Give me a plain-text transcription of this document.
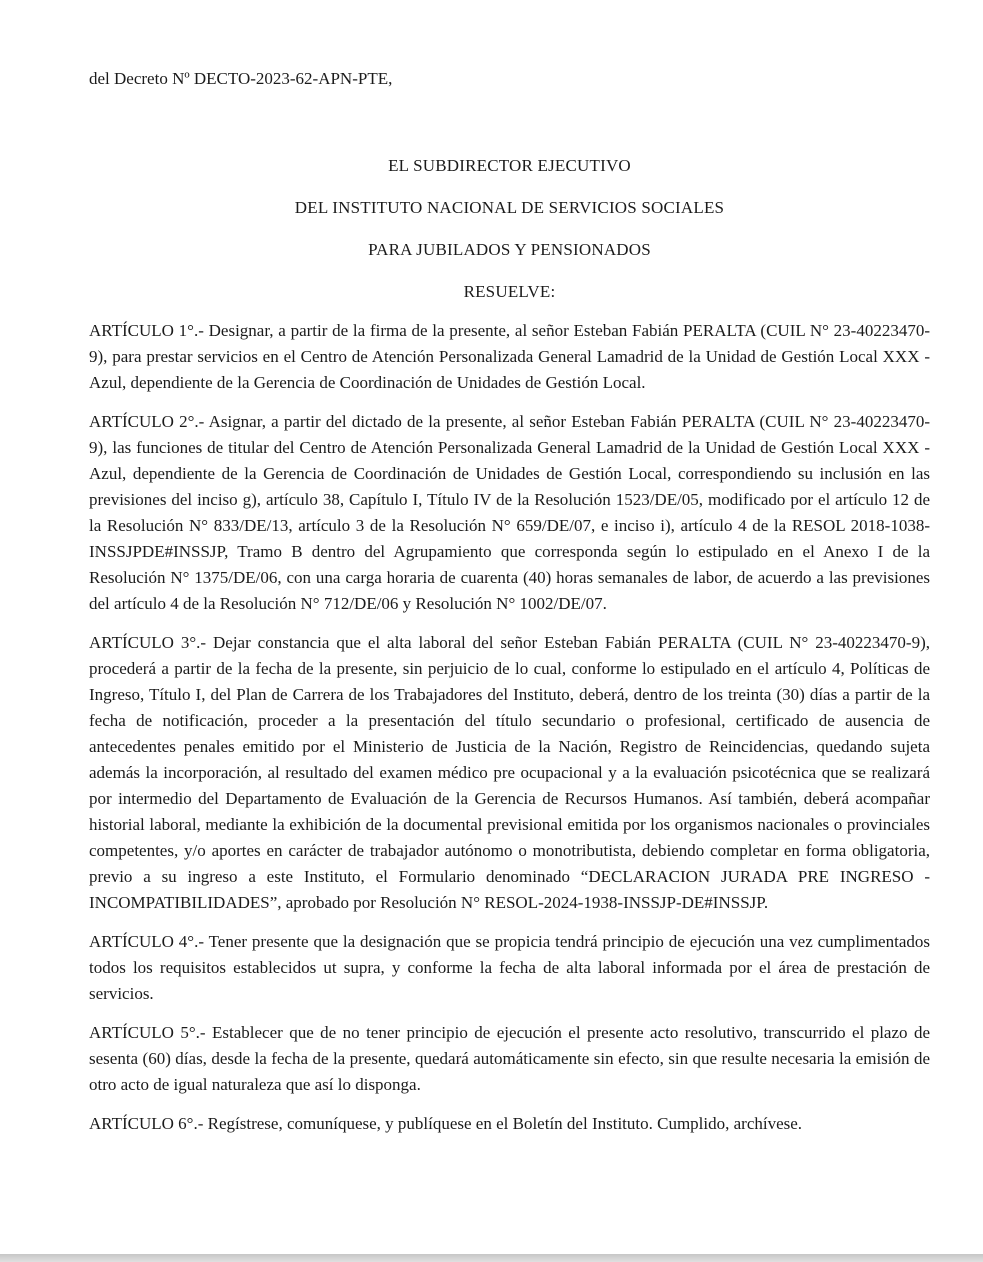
del Decreto Nº DECTO-2023-62-APN-PTE,

EL SUBDIRECTOR EJECUTIVO
DEL INSTITUTO NACIONAL DE SERVICIOS SOCIALES
PARA JUBILADOS Y PENSIONADOS
RESUELVE:

ARTÍCULO 1°.- Designar, a partir de la firma de la presente, al señor Esteban Fabián PERALTA (CUIL N° 23-40223470-9), para prestar servicios en el Centro de Atención Personalizada General Lamadrid de la Unidad de Gestión Local XXX - Azul, dependiente de la Gerencia de Coordinación de Unidades de Gestión Local.

ARTÍCULO 2°.- Asignar, a partir del dictado de la presente, al señor Esteban Fabián PERALTA (CUIL N° 23-40223470-9), las funciones de titular del Centro de Atención Personalizada General Lamadrid de la Unidad de Gestión Local XXX - Azul, dependiente de la Gerencia de Coordinación de Unidades de Gestión Local, correspondiendo su inclusión en las previsiones del inciso g), artículo 38, Capítulo I, Título IV de la Resolución 1523/DE/05, modificado por el artículo 12 de la Resolución N° 833/DE/13, artículo 3 de la Resolución N° 659/DE/07, e inciso i), artículo 4 de la RESOL 2018-1038-INSSJPDE#INSSJP, Tramo B dentro del Agrupamiento que corresponda según lo estipulado en el Anexo I de la Resolución N° 1375/DE/06, con una carga horaria de cuarenta (40) horas semanales de labor, de acuerdo a las previsiones del artículo 4 de la Resolución N° 712/DE/06 y Resolución N° 1002/DE/07.

ARTÍCULO 3°.- Dejar constancia que el alta laboral del señor Esteban Fabián PERALTA (CUIL N° 23-40223470-9), procederá a partir de la fecha de la presente, sin perjuicio de lo cual, conforme lo estipulado en el artículo 4, Políticas de Ingreso, Título I, del Plan de Carrera de los Trabajadores del Instituto, deberá, dentro de los treinta (30) días a partir de la fecha de notificación, proceder a la presentación del título secundario o profesional, certificado de ausencia de antecedentes penales emitido por el Ministerio de Justicia de la Nación, Registro de Reincidencias, quedando sujeta además la incorporación, al resultado del examen médico pre ocupacional y a la evaluación psicotécnica que se realizará por intermedio del Departamento de Evaluación de la Gerencia de Recursos Humanos. Así también, deberá acompañar historial laboral, mediante la exhibición de la documental previsional emitida por los organismos nacionales o provinciales competentes, y/o aportes en carácter de trabajador autónomo o monotributista, debiendo completar en forma obligatoria, previo a su ingreso a este Instituto, el Formulario denominado “DECLARACION JURADA PRE INGRESO - INCOMPATIBILIDADES”, aprobado por Resolución N° RESOL-2024-1938-INSSJP-DE#INSSJP.

ARTÍCULO 4°.- Tener presente que la designación que se propicia tendrá principio de ejecución una vez cumplimentados todos los requisitos establecidos ut supra, y conforme la fecha de alta laboral informada por el área de prestación de servicios.

ARTÍCULO 5°.- Establecer que de no tener principio de ejecución el presente acto resolutivo, transcurrido el plazo de sesenta (60) días, desde la fecha de la presente, quedará automáticamente sin efecto, sin que resulte necesaria la emisión de otro acto de igual naturaleza que así lo disponga.

ARTÍCULO 6°.- Regístrese, comuníquese, y publíquese en el Boletín del Instituto. Cumplido, archívese.
